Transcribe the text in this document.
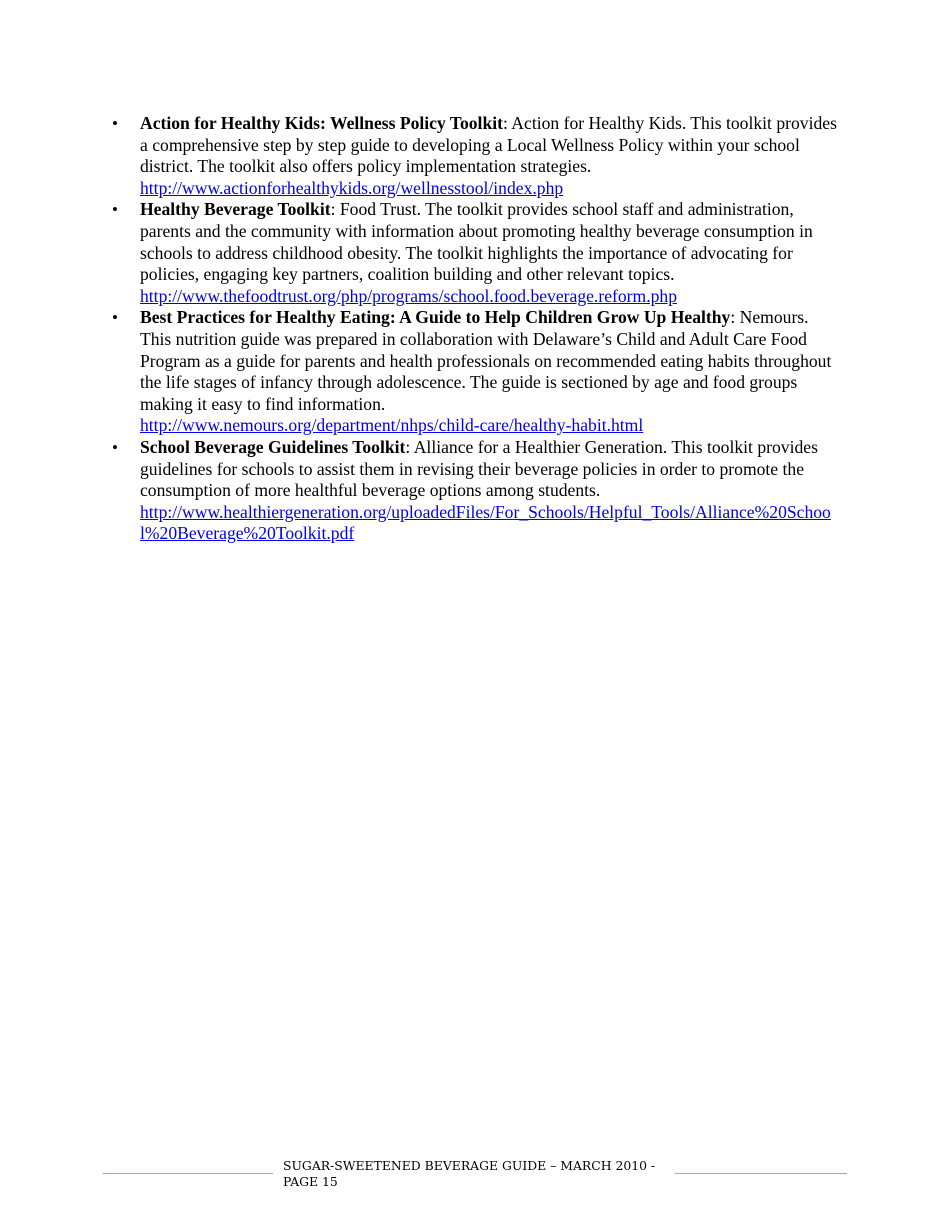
• Action for Healthy Kids: Wellness Policy Toolkit: Action for Healthy Kids. This toolkit provides a comprehensive step by step guide to developing a Local Wellness Policy within your school district. The toolkit also offers policy implementation strategies.
http://www.actionforhealthykids.org/wellnesstool/index.php
• Healthy Beverage Toolkit: Food Trust. The toolkit provides school staff and administration, parents and the community with information about promoting healthy beverage consumption in schools to address childhood obesity. The toolkit highlights the importance of advocating for policies, engaging key partners, coalition building and other relevant topics.
http://www.thefoodtrust.org/php/programs/school.food.beverage.reform.php
• Best Practices for Healthy Eating: A Guide to Help Children Grow Up Healthy: Nemours. This nutrition guide was prepared in collaboration with Delaware’s Child and Adult Care Food Program as a guide for parents and health professionals on recommended eating habits throughout the life stages of infancy through adolescence. The guide is sectioned by age and food groups making it easy to find information.
http://www.nemours.org/department/nhps/child-care/healthy-habit.html
• School Beverage Guidelines Toolkit: Alliance for a Healthier Generation. This toolkit provides guidelines for schools to assist them in revising their beverage policies in order to promote the consumption of more healthful beverage options among students.
http://www.healthiergeneration.org/uploadedFiles/For_Schools/Helpful_Tools/Alliance%20School%20Beverage%20Toolkit.pdf
SUGAR-SWEETENED BEVERAGE GUIDE – MARCH 2010 -PAGE 15
